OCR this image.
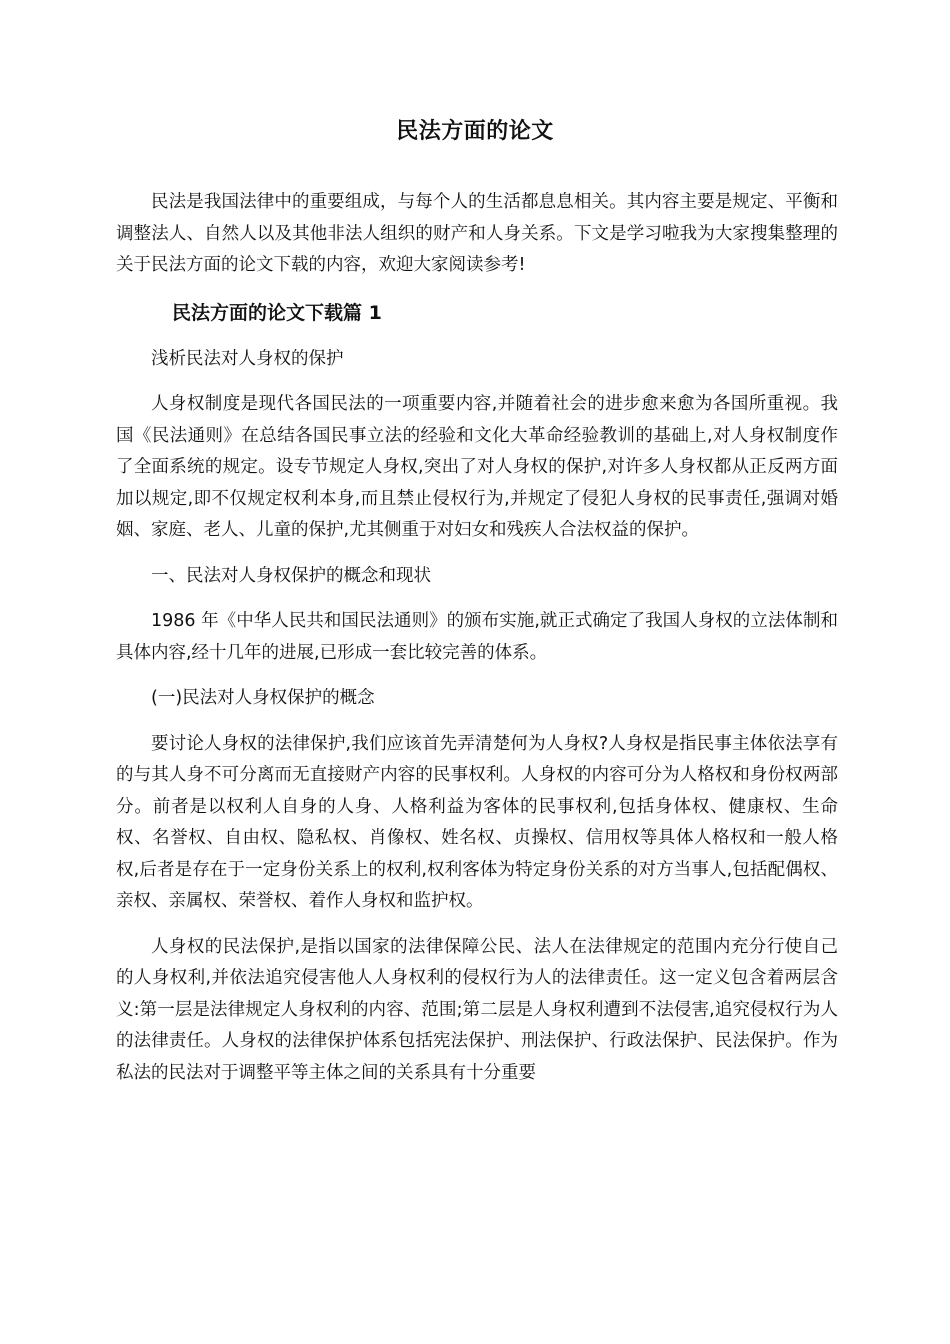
民法方面的论文

民法是我国法律中的重要组成，与每个人的生活都息息相关。其内容主要是规定、平衡和调整法人、自然人以及其他非法人组织的财产和人身关系。下文是学习啦我为大家搜集整理的关于民法方面的论文下载的内容，欢迎大家阅读参考!

民法方面的论文下载篇 1

浅析民法对人身权的保护

人身权制度是现代各国民法的一项重要内容,并随着社会的进步愈来愈为各国所重视。我国《民法通则》在总结各国民事立法的经验和文化大革命经验教训的基础上,对人身权制度作了全面系统的规定。设专节规定人身权,突出了对人身权的保护,对许多人身权都从正反两方面加以规定,即不仅规定权利本身,而且禁止侵权行为,并规定了侵犯人身权的民事责任,强调对婚姻、家庭、老人、儿童的保护,尤其侧重于对妇女和残疾人合法权益的保护。

一、民法对人身权保护的概念和现状

1986 年《中华人民共和国民法通则》的颁布实施,就正式确定了我国人身权的立法体制和具体内容,经十几年的进展,已形成一套比较完善的体系。

(一)民法对人身权保护的概念

要讨论人身权的法律保护,我们应该首先弄清楚何为人身权?人身权是指民事主体依法享有的与其人身不可分离而无直接财产内容的民事权利。人身权的内容可分为人格权和身份权两部分。前者是以权利人自身的人身、人格利益为客体的民事权利,包括身体权、健康权、生命权、名誉权、自由权、隐私权、肖像权、姓名权、贞操权、信用权等具体人格权和一般人格权,后者是存在于一定身份关系上的权利,权利客体为特定身份关系的对方当事人,包括配偶权、亲权、亲属权、荣誉权、着作人身权和监护权。

人身权的民法保护,是指以国家的法律保障公民、法人在法律规定的范围内充分行使自己的人身权利,并依法追究侵害他人人身权利的侵权行为人的法律责任。这一定义包含着两层含义:第一层是法律规定人身权利的内容、范围;第二层是人身权利遭到不法侵害,追究侵权行为人的法律责任。人身权的法律保护体系包括宪法保护、刑法保护、行政法保护、民法保护。作为私法的民法对于调整平等主体之间的关系具有十分重要
